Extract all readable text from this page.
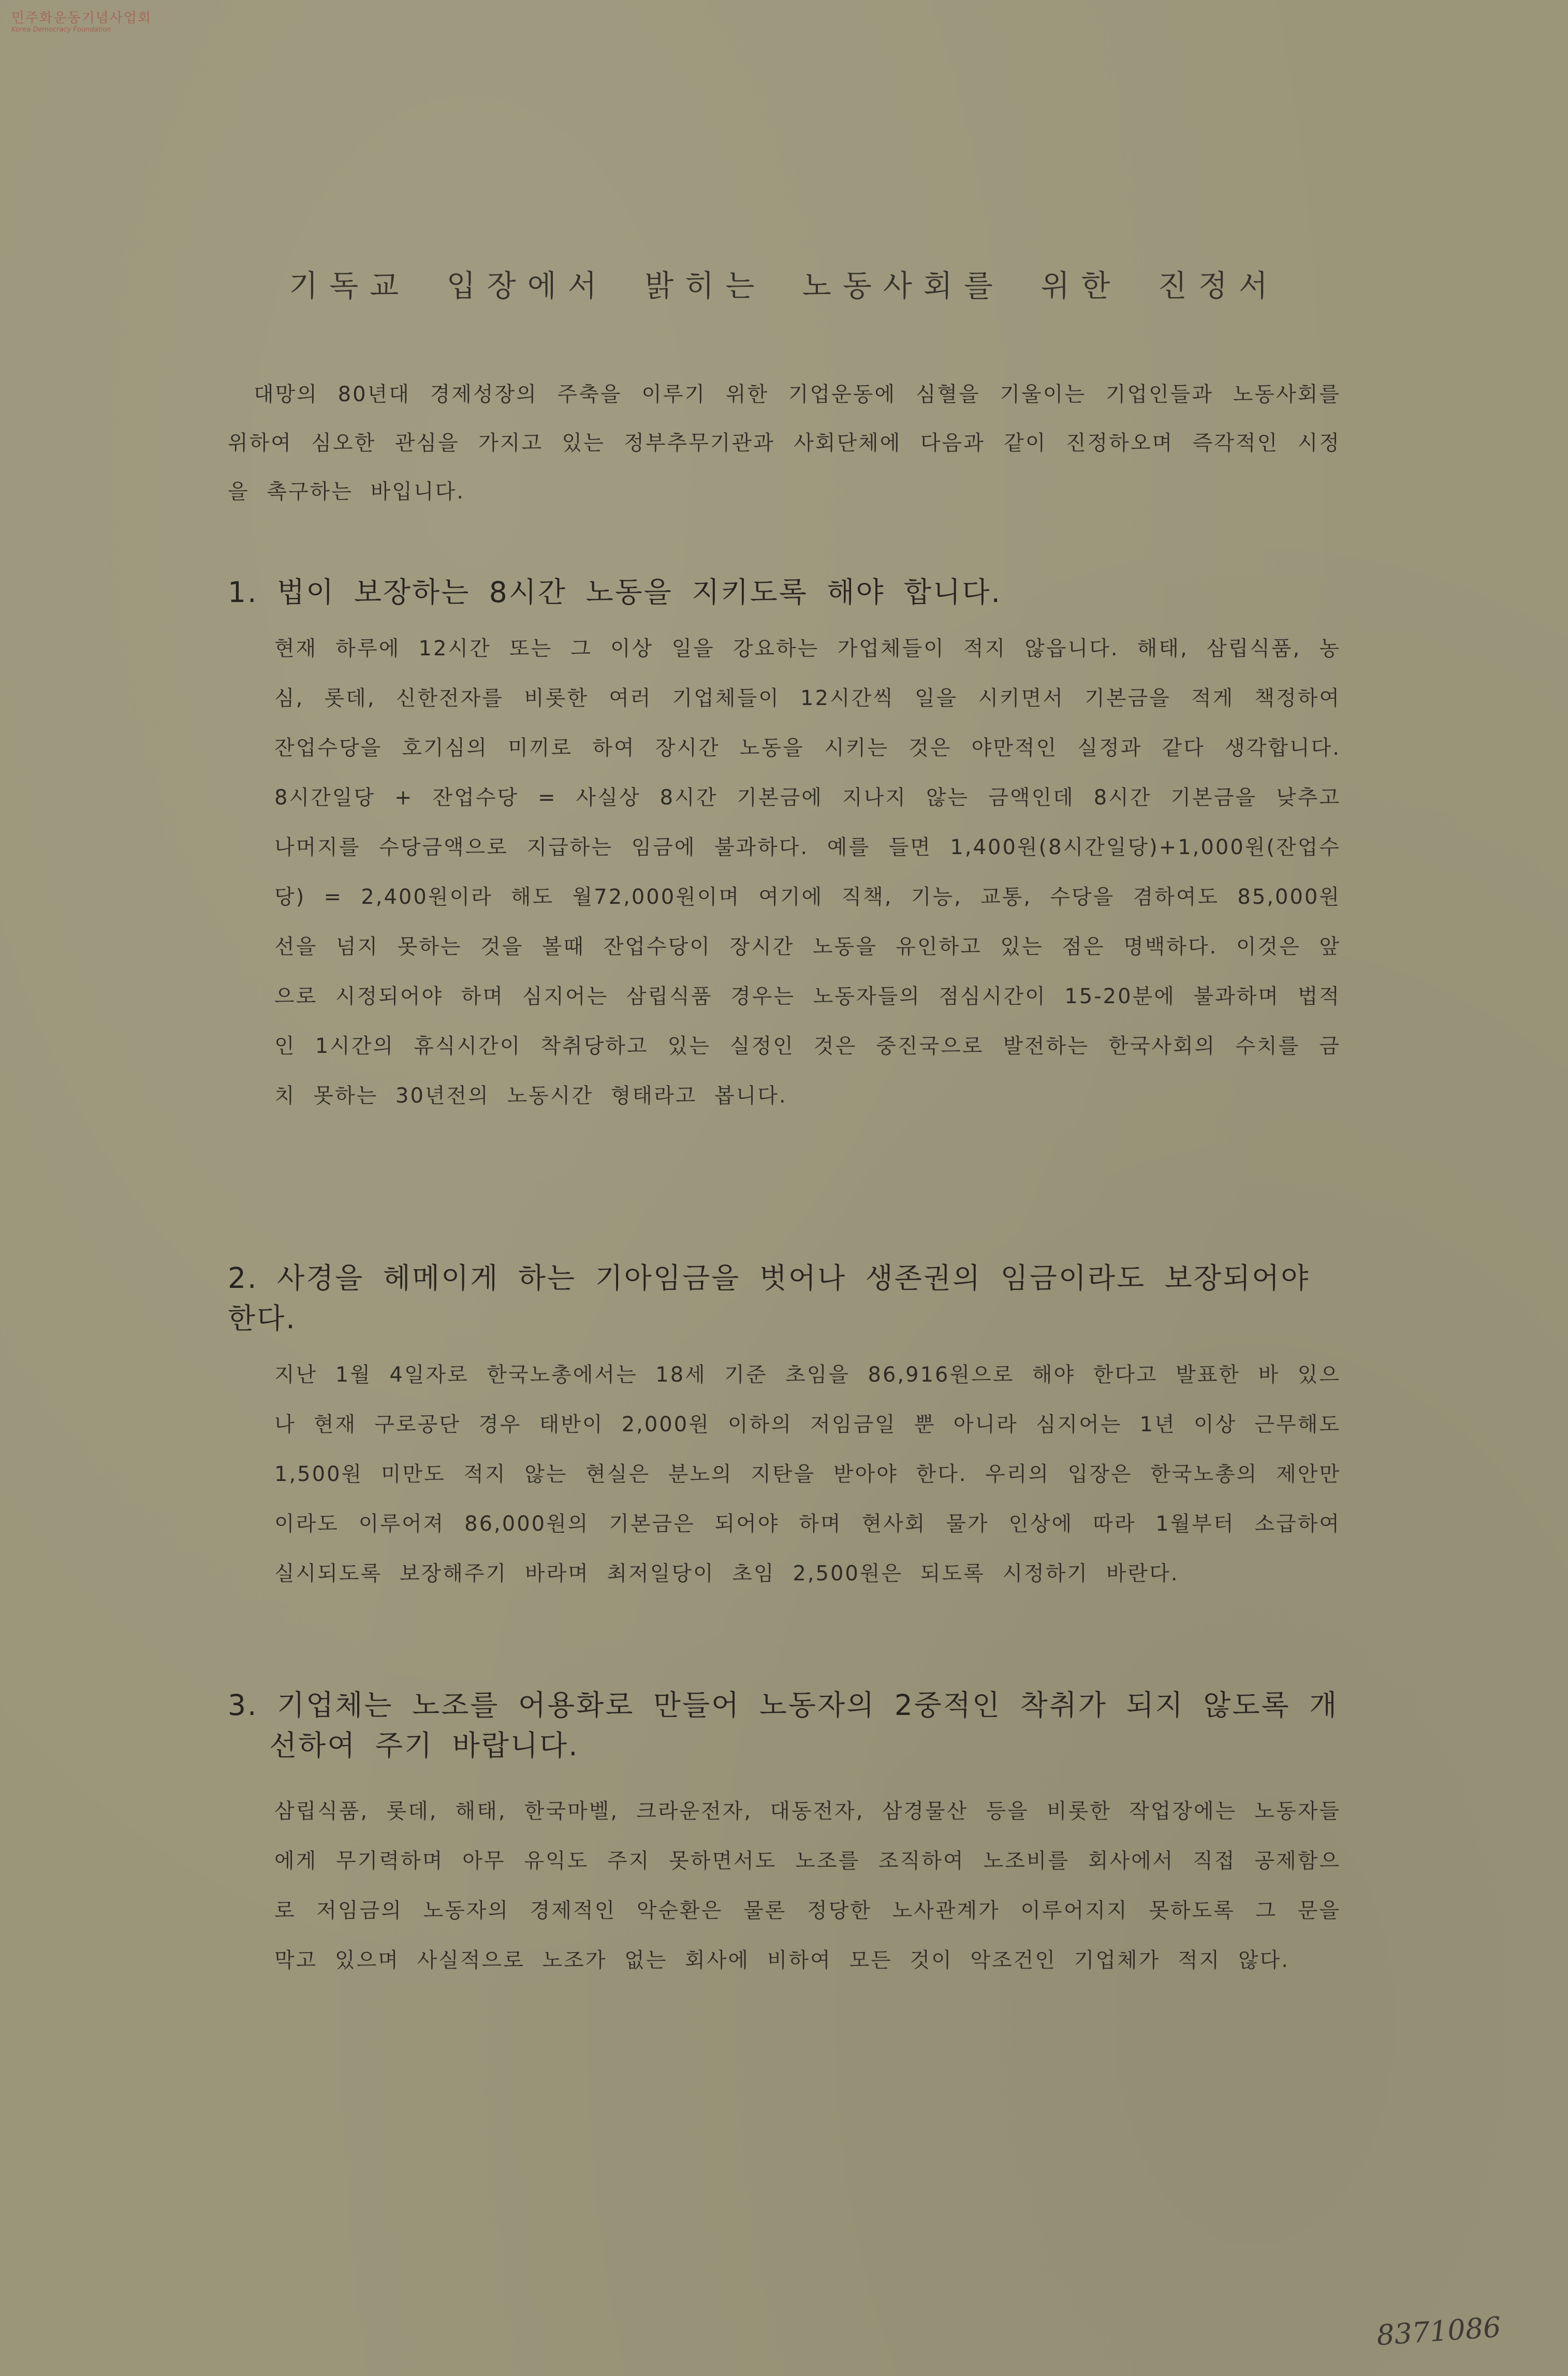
민주화운동기념사업회
Korea Democracy Foundation
기독교 입장에서 밝히는 노동사회를 위한 진정서

대망의 80년대 경제성장의 주축을 이루기 위한 기업운동에 심혈을 기울이는 기업인들과 노동사회를 위하여 심오한 관심을 가지고 있는 정부추무기관과 사회단체에 다음과 같이 진정하오며 즉각적인 시정을 촉구하는 바입니다.

1. 법이 보장하는 8시간 노동을 지키도록 해야 합니다.

현재 하루에 12시간 또는 그 이상 일을 강요하는 가업체들이 적지 않읍니다. 해태, 삼립식품, 농심, 롯데, 신한전자를 비롯한 여러 기업체들이 12시간씩 일을 시키면서 기본금을 적게 책정하여 잔업수당을 호기심의 미끼로 하여 장시간 노동을 시키는 것은 야만적인 실정과 같다 생각합니다. 8시간일당 + 잔업수당 = 사실상 8시간 기본금에 지나지 않는 금액인데 8시간 기본금을 낮추고 나머지를 수당금액으로 지급하는 임금에 불과하다. 예를 들면 1,400원(8시간일당)+1,000원(잔업수당) = 2,400원이라 해도 월72,000원이며 여기에 직책, 기능, 교통, 수당을 겸하여도 85,000원선을 넘지 못하는 것을 볼때 잔업수당이 장시간 노동을 유인하고 있는 점은 명백하다. 이것은 앞으로 시정되어야 하며 심지어는 삼립식품 경우는 노동자들의 점심시간이 15-20분에 불과하며 법적인 1시간의 휴식시간이 착취당하고 있는 실정인 것은 중진국으로 발전하는 한국사회의 수치를 금치 못하는 30년전의 노동시간 형태라고 봅니다.

2. 사경을 헤메이게 하는 기아임금을 벗어나 생존권의 임금이라도 보장되어야 한다.

지난 1월 4일자로 한국노총에서는 18세 기준 초임을 86,916원으로 해야 한다고 발표한 바 있으나 현재 구로공단 경우 태반이 2,000원 이하의 저임금일 뿐 아니라 심지어는 1년 이상 근무해도 1,500원 미만도 적지 않는 현실은 분노의 지탄을 받아야 한다. 우리의 입장은 한국노총의 제안만이라도 이루어져 86,000원의 기본금은 되어야 하며 현사회 물가 인상에 따라 1월부터 소급하여 실시되도록 보장해주기 바라며 최저일당이 초임 2,500원은 되도록 시정하기 바란다.

3. 기업체는 노조를 어용화로 만들어 노동자의 2중적인 착취가 되지 않도록 개선하여 주기 바랍니다.

삼립식품, 롯데, 해태, 한국마벨, 크라운전자, 대동전자, 삼경물산 등을 비롯한 작업장에는 노동자들에게 무기력하며 아무 유익도 주지 못하면서도 노조를 조직하여 노조비를 회사에서 직접 공제함으로 저임금의 노동자의 경제적인 악순환은 물론 정당한 노사관계가 이루어지지 못하도록 그 문을 막고 있으며 사실적으로 노조가 없는 회사에 비하여 모든 것이 악조건인 기업체가 적지 않다.

8371086
